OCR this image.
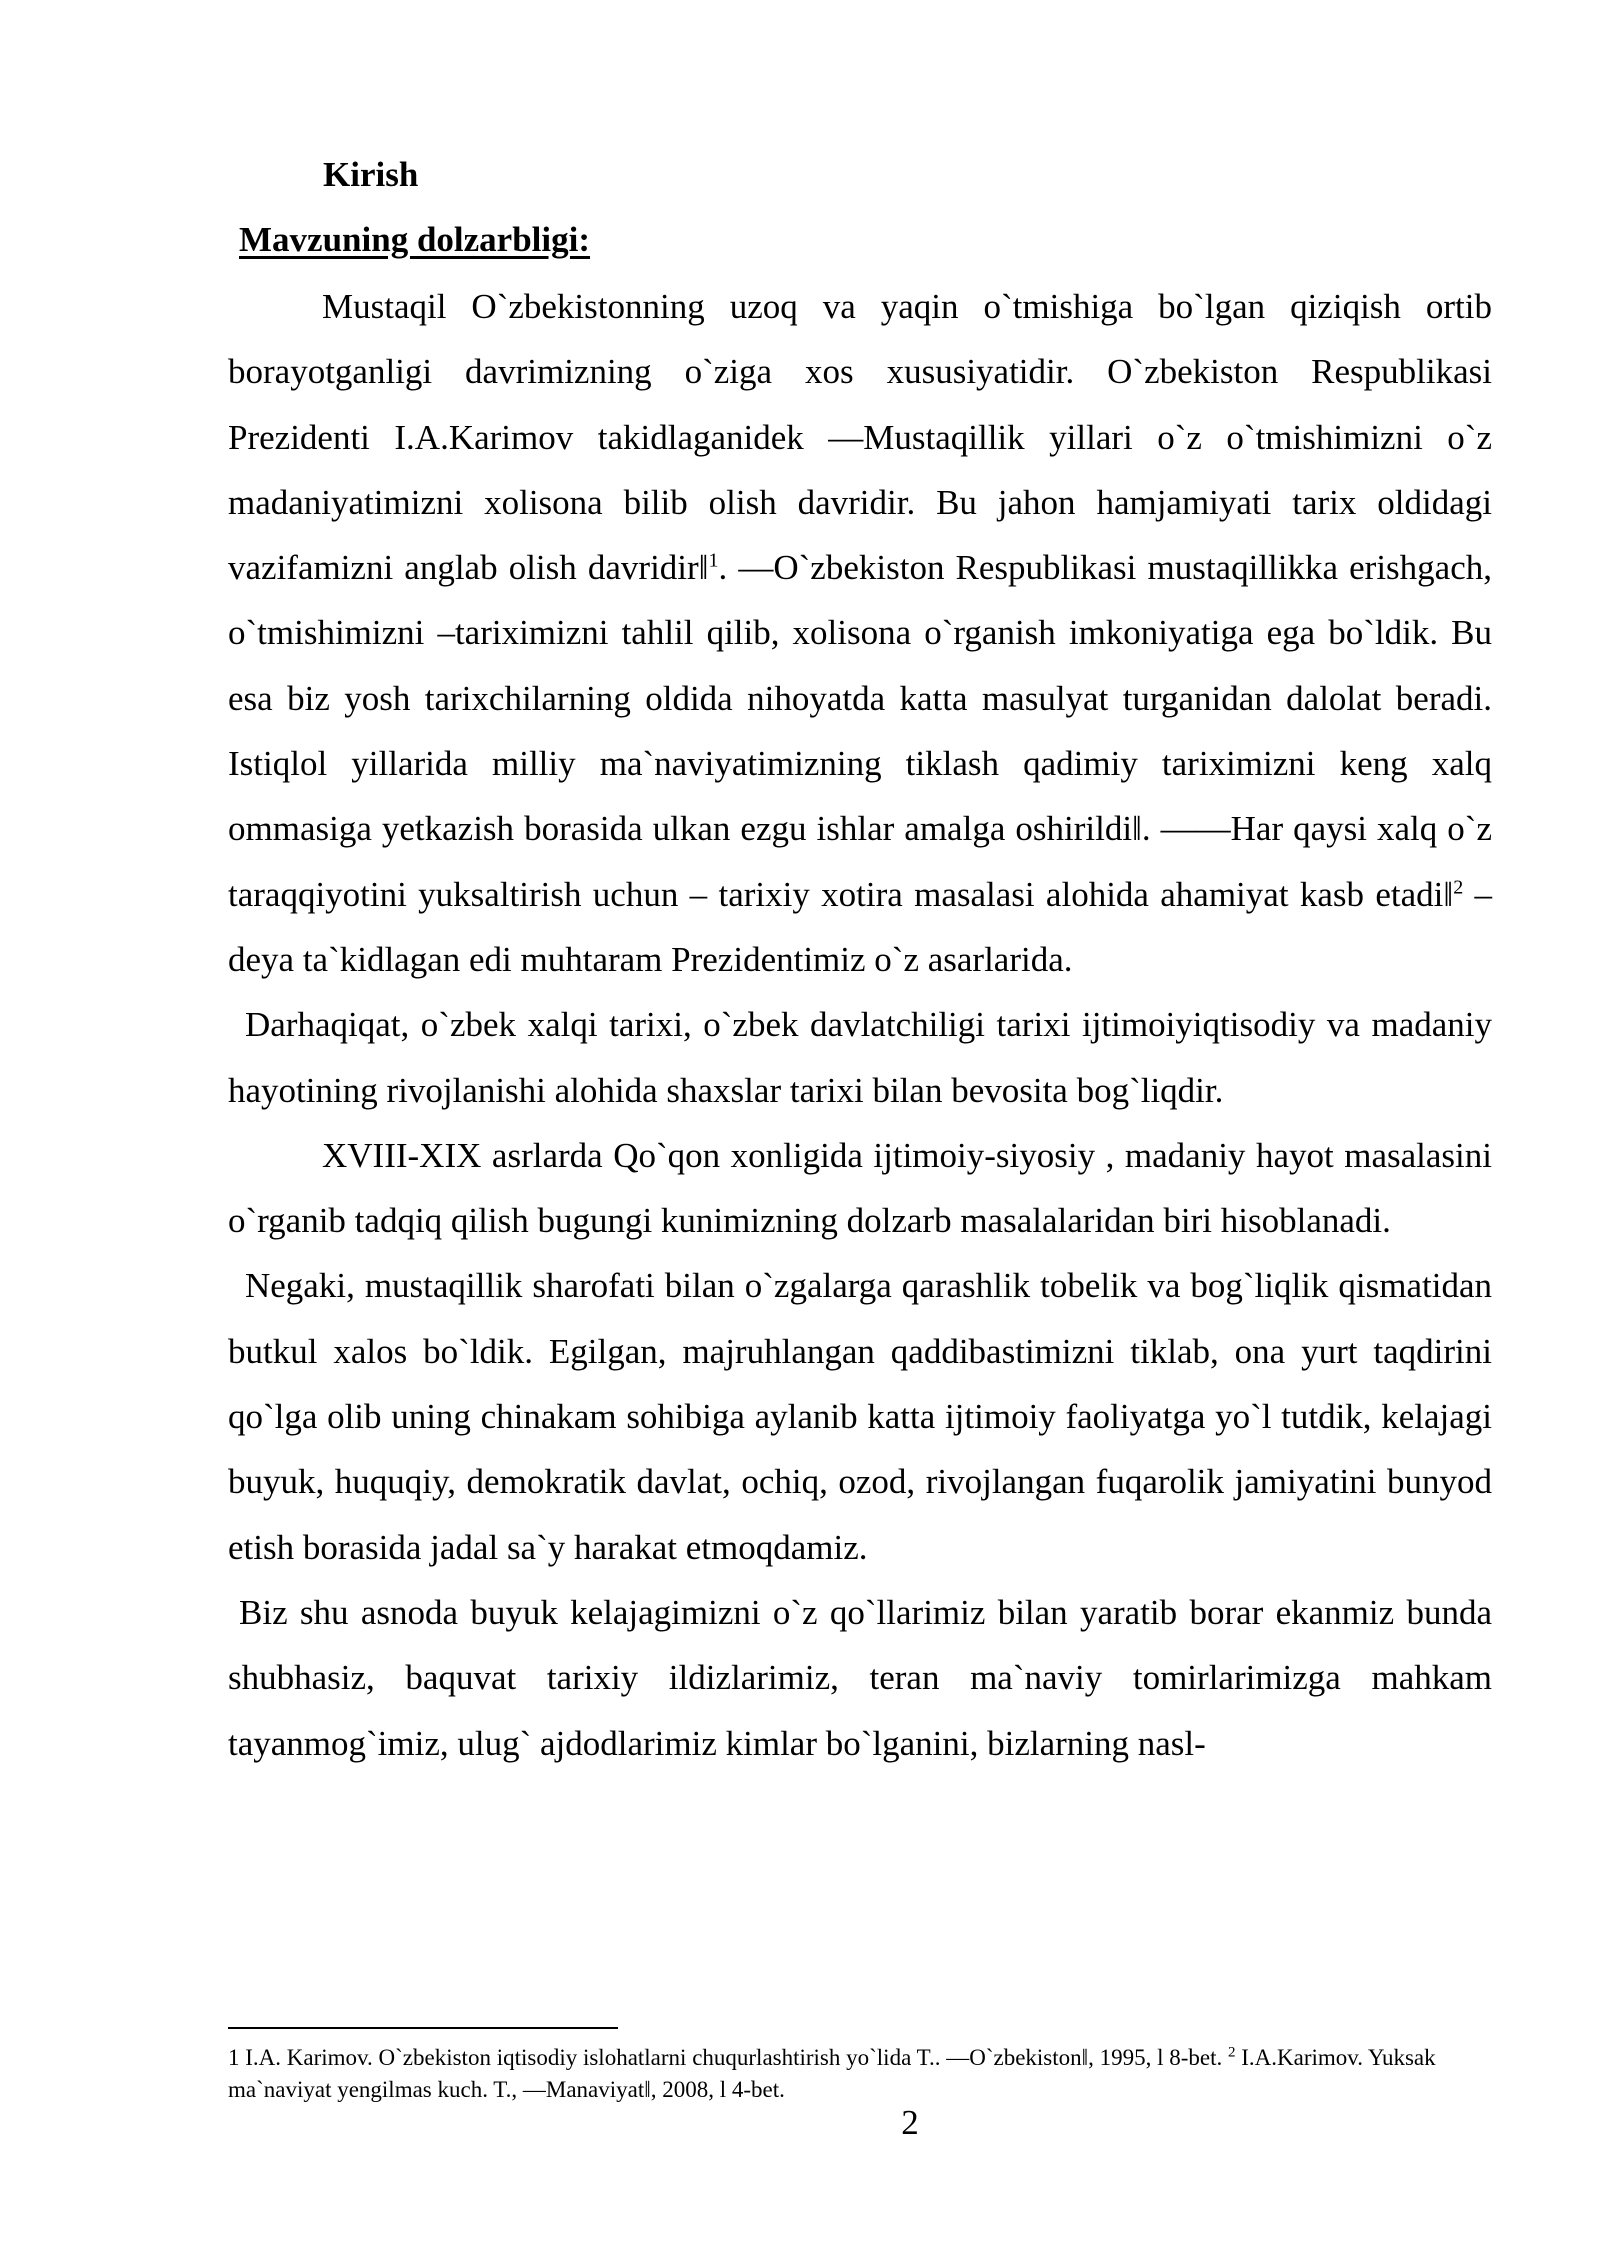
Kirish
Mavzuning dolzarbligi:

Mustaqil O`zbekistonning uzoq va yaqin o`tmishiga bo`lgan qiziqish ortib borayotganligi davrimizning o`ziga xos xususiyatidir. O`zbekiston Respublikasi Prezidenti I.A.Karimov takidlaganidek ―Mustaqillik yillari o`z o`tmishimizni o`z madaniyatimizni xolisona bilib olish davridir. Bu jahon hamjamiyati tarix oldidagi vazifamizni anglab olish davridir‖$^1$. ―O`zbekiston Respublikasi mustaqillikka erishgach, o`tmishimizni –tariximizni tahlil qilib, xolisona o`rganish imkoniyatiga ega bo`ldik. Bu esa biz yosh tarixchilarning oldida nihoyatda katta masulyat turganidan dalolat beradi. Istiqlol yillarida milliy ma`naviyatimizning tiklash qadimiy tariximizni keng xalq ommasiga yetkazish borasida ulkan ezgu ishlar amalga oshirildi‖. ――Har qaysi xalq o`z taraqqiyotini yuksaltirish uchun – tarixiy xotira masalasi alohida ahamiyat kasb etadi‖$^2$ –deya ta`kidlagan edi muhtaram Prezidentimiz o`z asarlarida.

Darhaqiqat, o`zbek xalqi tarixi, o`zbek davlatchiligi tarixi ijtimoiyiqtisodiy va madaniy hayotining rivojlanishi alohida shaxslar tarixi bilan bevosita bog`liqdir.

XVIII-XIX asrlarda Qo`qon xonligida ijtimoiy-siyosiy , madaniy hayot masalasini o`rganib tadqiq qilish bugungi kunimizning dolzarb masalalaridan biri hisoblanadi.

Negaki, mustaqillik sharofati bilan o`zgalarga qarashlik tobelik va bog`liqlik qismatidan butkul xalos bo`ldik. Egilgan, majruhlangan qaddibastimizni tiklab, ona yurt taqdirini qo`lga olib uning chinakam sohibiga aylanib katta ijtimoiy faoliyatga yo`l tutdik, kelajagi buyuk, huquqiy, demokratik davlat, ochiq, ozod, rivojlangan fuqarolik jamiyatini bunyod etish borasida jadal sa`y harakat etmoqdamiz.

Biz shu asnoda buyuk kelajagimizni o`z qo`llarimiz bilan yaratib borar ekanmiz bunda shubhasiz, baquvat tarixiy ildizlarimiz, teran ma`naviy tomirlarimizga mahkam tayanmog`imiz, ulug` ajdodlarimiz kimlar bo`lganini, bizlarning nasl-

1 I.A. Karimov. O`zbekiston iqtisodiy islohatlarni chuqurlashtirish yo`lida T.. ―O`zbekiston‖, 1995, l 8-bet. $^2$ I.A.Karimov. Yuksak ma`naviyat yengilmas kuch. T., ―Manaviyat‖, 2008, l 4-bet.
2
